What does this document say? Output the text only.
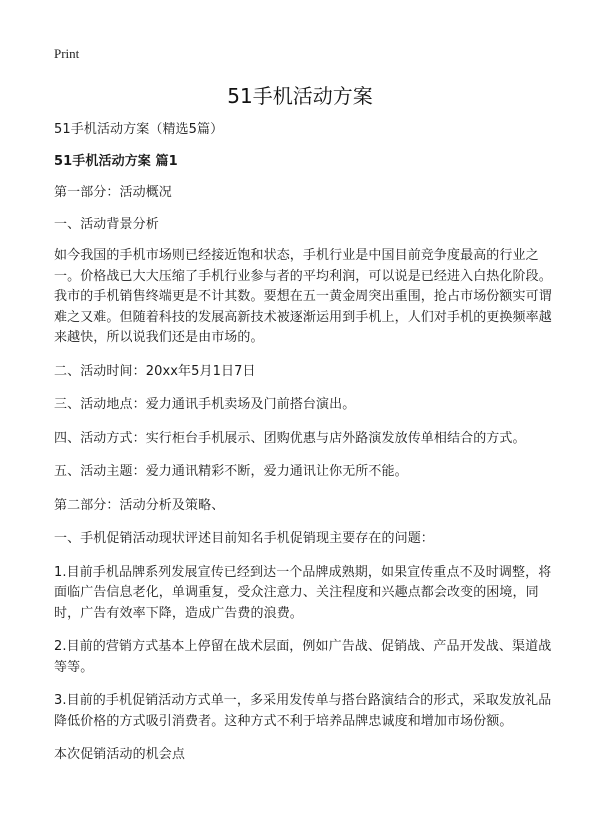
Print
51手机活动方案

51手机活动方案（精选5篇）

51手机活动方案 篇1

第一部分：活动概况

一、活动背景分析

如今我国的手机市场则已经接近饱和状态，手机行业是中国目前竞争度最高的行业之一。价格战已大大压缩了手机行业参与者的平均利润，可以说是已经进入白热化阶段。我市的手机销售终端更是不计其数。要想在五一黄金周突出重围，抢占市场份额实可谓难之又难。但随着科技的发展高新技术被逐渐运用到手机上，人们对手机的更换频率越来越快，所以说我们还是由市场的。

二、活动时间：20xx年5月1日7日

三、活动地点：爱力通讯手机卖场及门前搭台演出。

四、活动方式：实行柜台手机展示、团购优惠与店外路演发放传单相结合的方式。

五、活动主题：爱力通讯精彩不断，爱力通讯让你无所不能。

第二部分：活动分析及策略、

一、手机促销活动现状评述目前知名手机促销现主要存在的问题：

1.目前手机品牌系列发展宣传已经到达一个品牌成熟期，如果宣传重点不及时调整，将面临广告信息老化，单调重复，受众注意力、关注程度和兴趣点都会改变的困境，同时，广告有效率下降，造成广告费的浪费。

2.目前的营销方式基本上停留在战术层面，例如广告战、促销战、产品开发战、渠道战等等。

3.目前的手机促销活动方式单一，多采用发传单与搭台路演结合的形式，采取发放礼品降低价格的方式吸引消费者。这种方式不利于培养品牌忠诚度和增加市场份额。

本次促销活动的机会点
